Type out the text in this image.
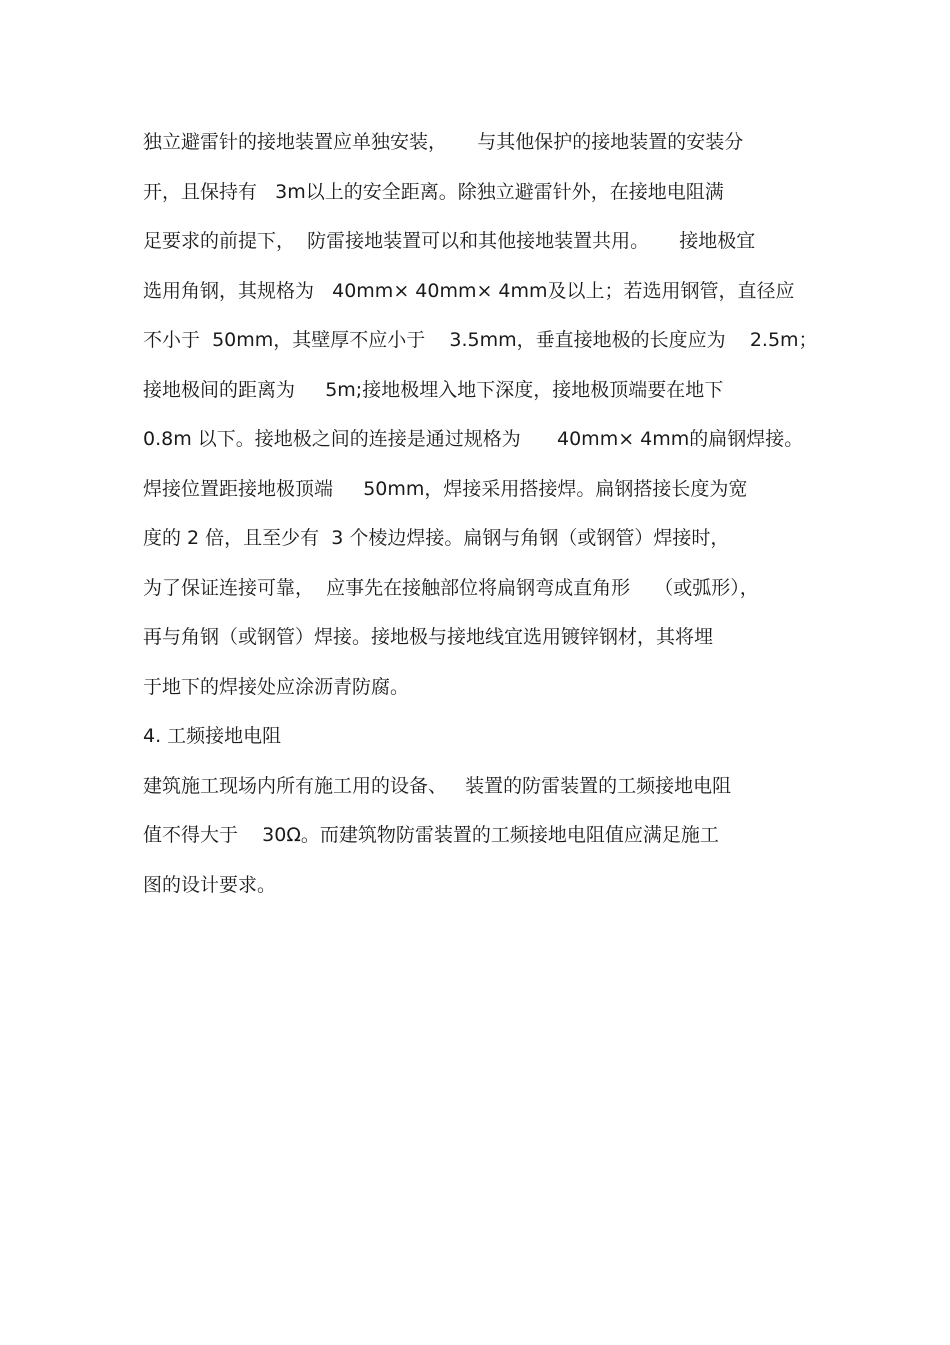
独立避雷针的接地装置应单独安装，     与其他保护的接地装置的安装分
开，且保持有   3m以上的安全距离。除独立避雷针外，在接地电阻满
足要求的前提下，  防雷接地装置可以和其他接地装置共用。     接地极宜
选用角钢，其规格为   40mm× 40mm× 4mm及以上；若选用钢管，直径应
不小于  50mm，其壁厚不应小于    3.5mm，垂直接地极的长度应为    2.5m；
接地极间的距离为     5m;接地极埋入地下深度，接地极顶端要在地下
0.8m 以下。接地极之间的连接是通过规格为      40mm× 4mm的扁钢焊接。
焊接位置距接地极顶端     50mm，焊接采用搭接焊。扁钢搭接长度为宽
度的 2 倍，且至少有  3 个棱边焊接。扁钢与角钢（或钢管）焊接时，
为了保证连接可靠，  应事先在接触部位将扁钢弯成直角形    （或弧形），
再与角钢（或钢管）焊接。接地极与接地线宜选用镀锌钢材，其将埋
于地下的焊接处应涂沥青防腐。
4. 工频接地电阻
建筑施工现场内所有施工用的设备、   装置的防雷装置的工频接地电阻
值不得大于    30Ω。而建筑物防雷装置的工频接地电阻值应满足施工
图的设计要求。
